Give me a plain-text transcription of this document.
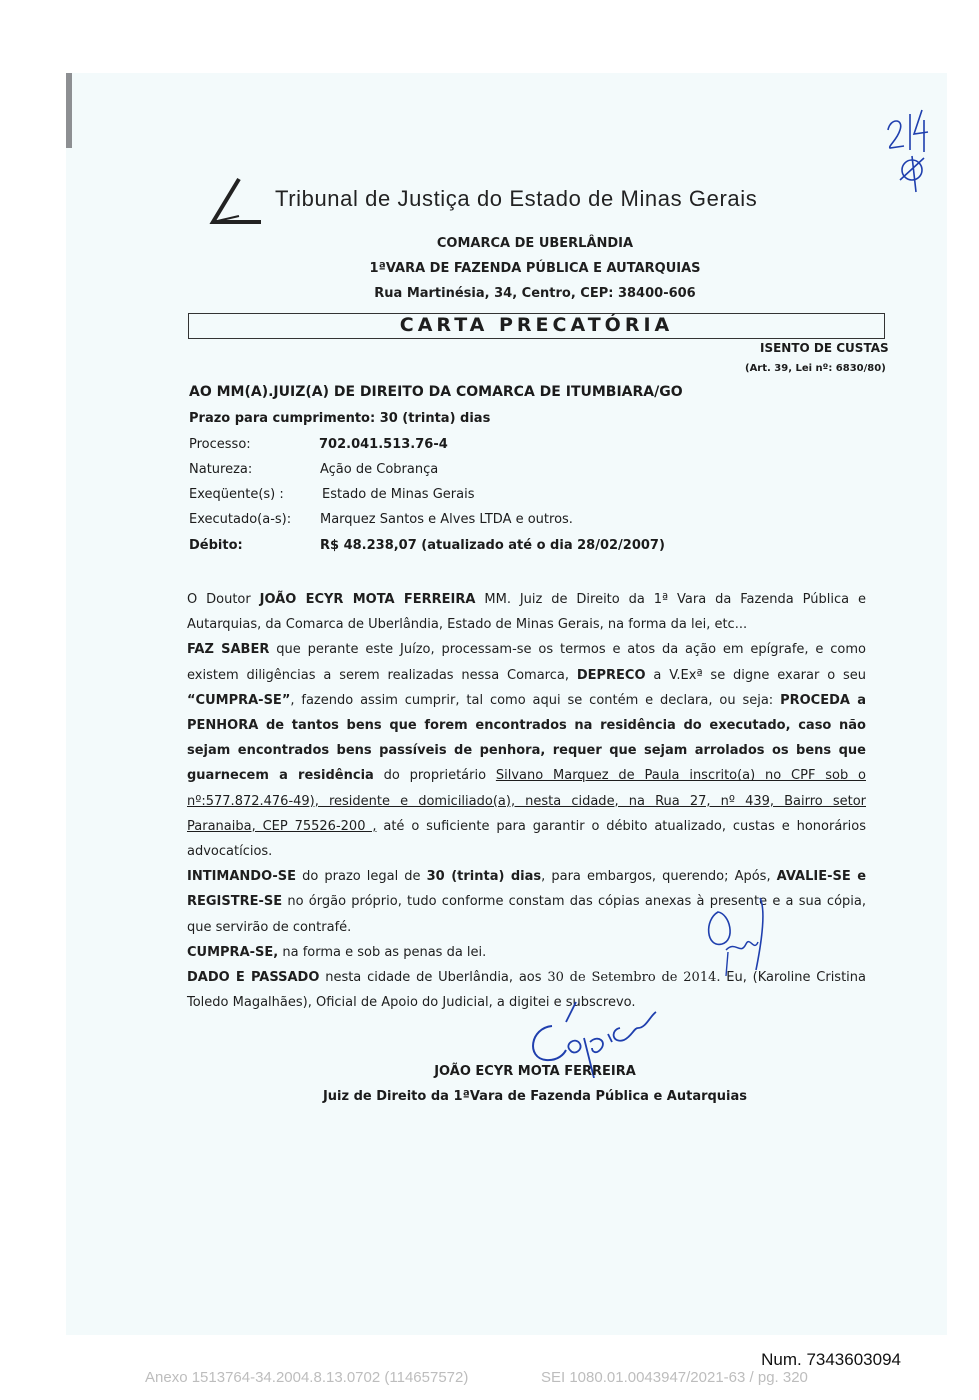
Tribunal de Justiça do Estado de Minas Gerais
COMARCA DE UBERLÂNDIA
1ªVARA DE FAZENDA PÚBLICA E AUTARQUIAS
Rua Martinésia, 34, Centro, CEP: 38400-606
CARTA PRECATÓRIA
ISENTO DE CUSTAS
(Art. 39, Lei nº: 6830/80)
AO MM(A).JUIZ(A) DE DIREITO DA COMARCA DE ITUMBIARA/GO
Prazo para cumprimento: 30 (trinta) dias
Processo:	702.041.513.76-4
Natureza:	Ação de Cobrança
Exeqüente(s) :	Estado de Minas Gerais
Executado(a-s): Marquez Santos e Alves LTDA e outros.
Débito:	R$ 48.238,07 (atualizado até o dia 28/02/2007)

O Doutor JOÃO ECYR MOTA FERREIRA MM. Juiz de Direito da 1ª Vara da Fazenda Pública e Autarquias, da Comarca de Uberlândia, Estado de Minas Gerais, na forma da lei, etc...

FAZ SABER que perante este Juízo, processam-se os termos e atos da ação em epígrafe, e como existem diligências a serem realizadas nessa Comarca, DEPRECO a V.Exª se digne exarar o seu “CUMPRA-SE”, fazendo assim cumprir, tal como aqui se contém e declara, ou seja: PROCEDA a PENHORA de tantos bens que forem encontrados na residência do executado, caso não sejam encontrados bens passíveis de penhora, requer que sejam arrolados os bens que guarnecem a residência do proprietário Silvano Marquez de Paula inscrito(a) no CPF sob o nº:577.872.476-49), residente e domiciliado(a), nesta cidade, na Rua 27, nº 439, Bairro setor Paranaiba, CEP 75526-200 , até o suficiente para garantir o débito atualizado, custas e honorários advocatícios.

INTIMANDO-SE do prazo legal de 30 (trinta) dias, para embargos, querendo; Após, AVALIE-SE e REGISTRE-SE no órgão próprio, tudo conforme constam das cópias anexas à presente e a sua cópia, que servirão de contrafé.

CUMPRA-SE, na forma e sob as penas da lei.

DADO E PASSADO nesta cidade de Uberlândia, aos 30 de Setembro de 2014. Eu, (Karoline Cristina Toledo Magalhães), Oficial de Apoio do Judicial, a digitei e subscrevo.

JOÃO ECYR MOTA FERREIRA
Juiz de Direito da 1ªVara de Fazenda Pública e Autarquias
Num. 7343603094
Anexo 1513764-34.2004.8.13.0702 (114657572)	SEI 1080.01.0043947/2021-63 / pg. 320
